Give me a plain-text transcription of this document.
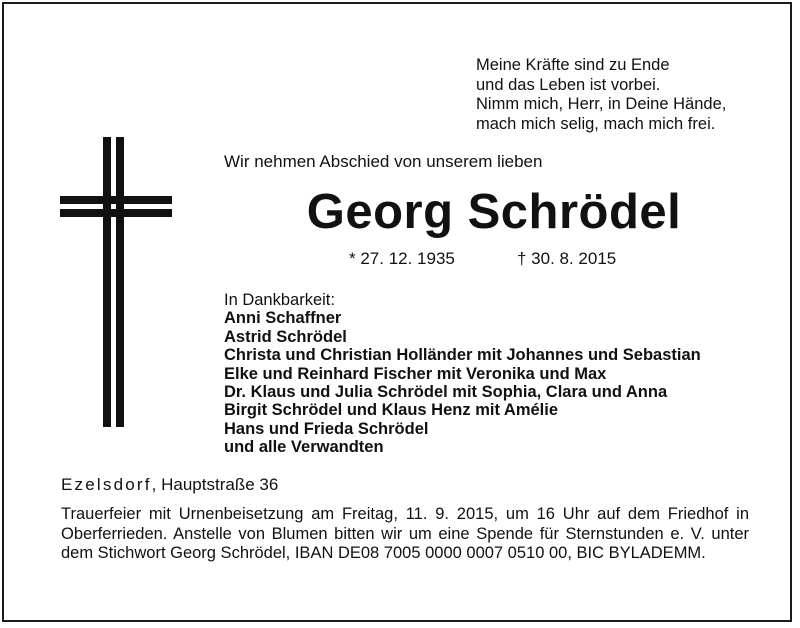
Meine Kräfte sind zu Ende
und das Leben ist vorbei.
Nimm mich, Herr, in Deine Hände,
mach mich selig, mach mich frei.
Wir nehmen Abschied von unserem lieben
Georg Schrödel
* 27. 12. 1935	† 30. 8. 2015
In Dankbarkeit:
Anni Schaffner
Astrid Schrödel
Christa und Christian Holländer mit Johannes und Sebastian
Elke und Reinhard Fischer mit Veronika und Max
Dr. Klaus und Julia Schrödel mit Sophia, Clara und Anna
Birgit Schrödel und Klaus Henz mit Amélie
Hans und Frieda Schrödel
und alle Verwandten
Ezelsdorf, Hauptstraße 36
Trauerfeier mit Urnenbeisetzung am Freitag, 11. 9. 2015, um 16 Uhr auf dem Friedhof in Oberferrieden. Anstelle von Blumen bitten wir um eine Spende für Sternstunden e. V. unter dem Stichwort Georg Schrödel, IBAN DE08 7005 0000 0007 0510 00, BIC BYLADEMM.
